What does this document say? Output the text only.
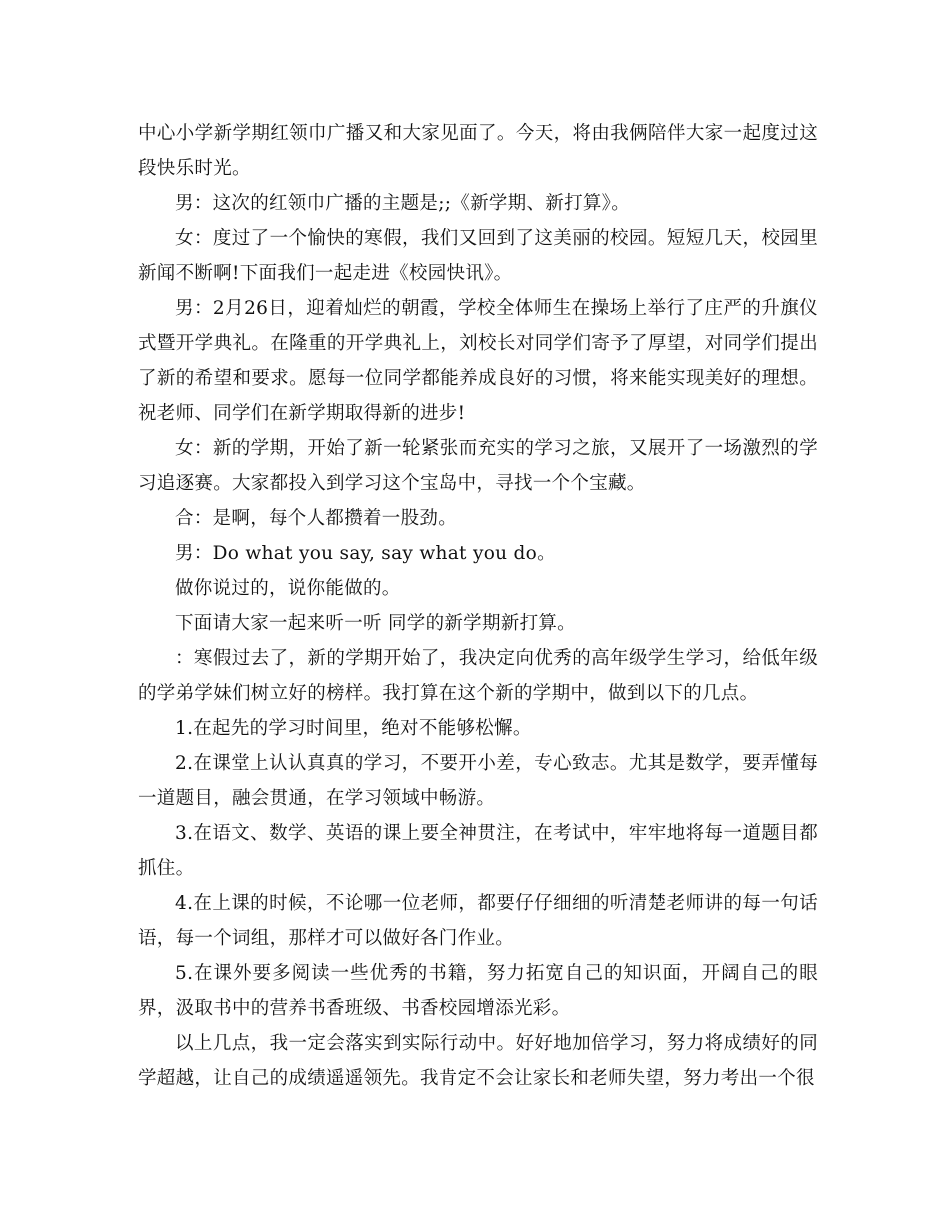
中心小学新学期红领巾广播又和大家见面了。今天，将由我俩陪伴大家一起度过这段快乐时光。

男：这次的红领巾广播的主题是;;《新学期、新打算》。

女：度过了一个愉快的寒假，我们又回到了这美丽的校园。短短几天，校园里新闻不断啊!下面我们一起走进《校园快讯》。

男：2月26日，迎着灿烂的朝霞，学校全体师生在操场上举行了庄严的升旗仪式暨开学典礼。在隆重的开学典礼上，刘校长对同学们寄予了厚望，对同学们提出了新的希望和要求。愿每一位同学都能养成良好的习惯，将来能实现美好的理想。祝老师、同学们在新学期取得新的进步!

女：新的学期，开始了新一轮紧张而充实的学习之旅，又展开了一场激烈的学习追逐赛。大家都投入到学习这个宝岛中，寻找一个个宝藏。

合：是啊，每个人都攒着一股劲。

男：Do what you say, say what you do。

做你说过的，说你能做的。

下面请大家一起来听一听 同学的新学期新打算。

：寒假过去了，新的学期开始了，我决定向优秀的高年级学生学习，给低年级的学弟学妹们树立好的榜样。我打算在这个新的学期中，做到以下的几点。

1.在起先的学习时间里，绝对不能够松懈。

2.在课堂上认认真真的学习，不要开小差，专心致志。尤其是数学，要弄懂每一道题目，融会贯通，在学习领域中畅游。

3.在语文、数学、英语的课上要全神贯注，在考试中，牢牢地将每一道题目都抓住。

4.在上课的时候，不论哪一位老师，都要仔仔细细的听清楚老师讲的每一句话语，每一个词组，那样才可以做好各门作业。

5.在课外要多阅读一些优秀的书籍，努力拓宽自己的知识面，开阔自己的眼界，汲取书中的营养书香班级、书香校园增添光彩。

以上几点，我一定会落实到实际行动中。好好地加倍学习，努力将成绩好的同学超越，让自己的成绩遥遥领先。我肯定不会让家长和老师失望，努力考出一个很
